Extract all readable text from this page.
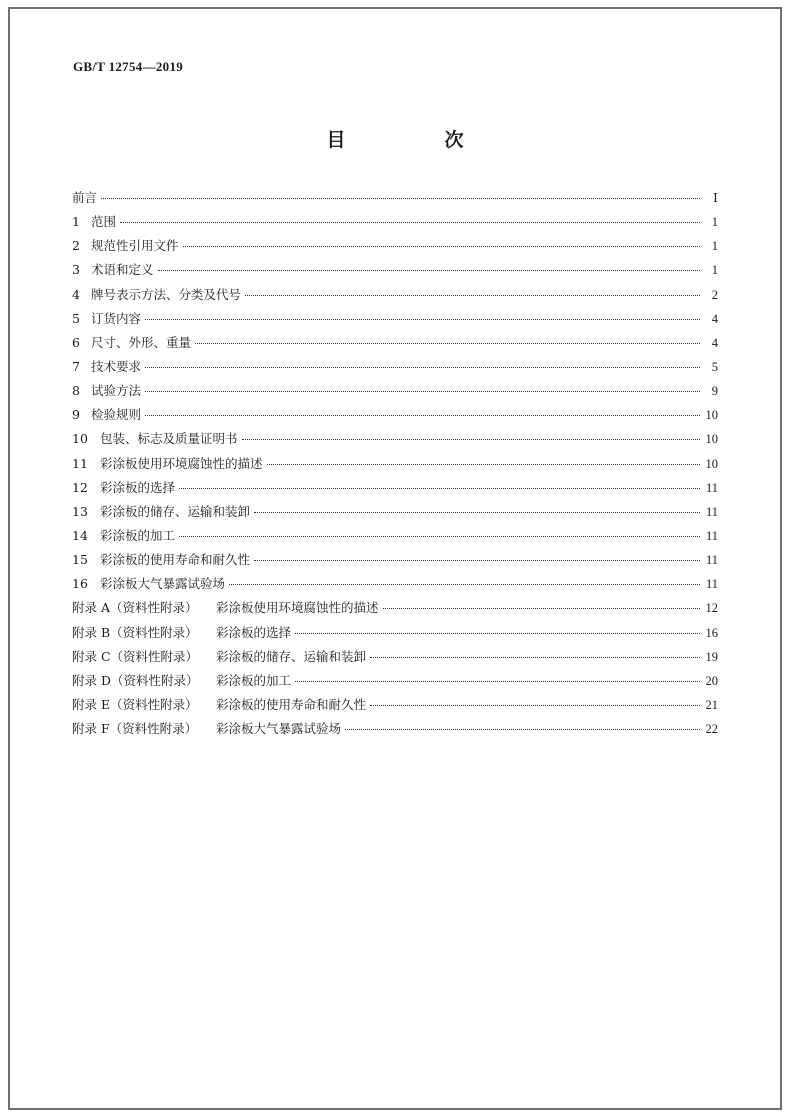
GB/T 12754—2019
目　次
前言	Ⅰ
1 范围	1
2 规范性引用文件	1
3 术语和定义	1
4 牌号表示方法、分类及代号	2
5 订货内容	4
6 尺寸、外形、重量	4
7 技术要求	5
8 试验方法	9
9 检验规则	10
10 包装、标志及质量证明书	10
11 彩涂板使用环境腐蚀性的描述	10
12 彩涂板的选择	11
13 彩涂板的储存、运输和装卸	11
14 彩涂板的加工	11
15 彩涂板的使用寿命和耐久性	11
16 彩涂板大气暴露试验场	11
附录 A（资料性附录）	彩涂板使用环境腐蚀性的描述	12
附录 B（资料性附录）	彩涂板的选择	16
附录 C（资料性附录）	彩涂板的储存、运输和装卸	19
附录 D（资料性附录）	彩涂板的加工	20
附录 E（资料性附录）	彩涂板的使用寿命和耐久性	21
附录 F（资料性附录）	彩涂板大气暴露试验场	22
